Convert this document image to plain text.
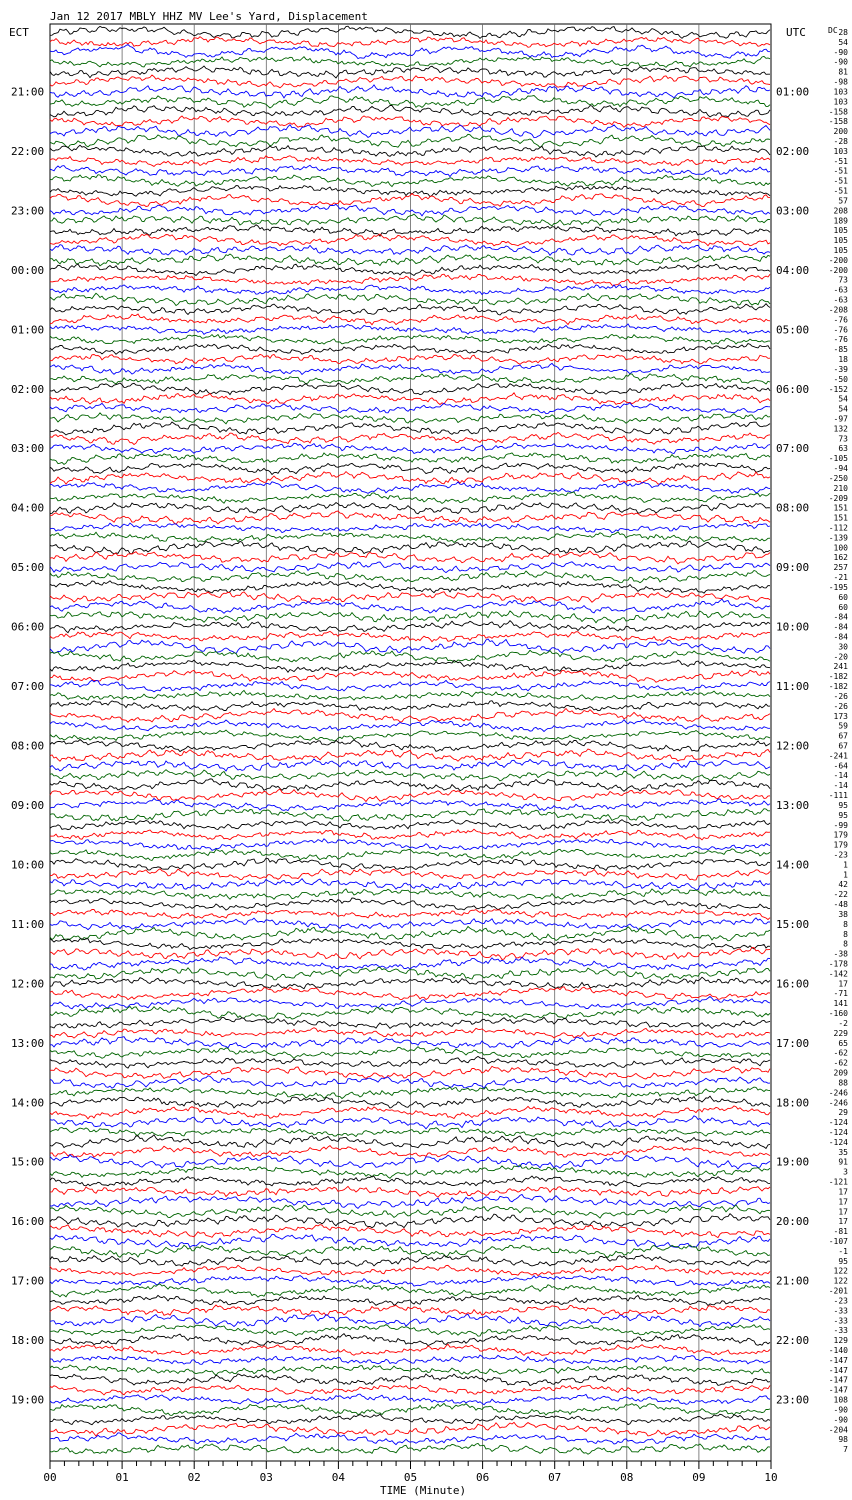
Jan 12 2017 MBLY HHZ MV Lee's Yard, Displacement
ECT	UTC	DC
21:00
22:00
23:00
00:00
01:00
02:00
03:00
04:00
05:00
06:00
07:00
08:00
09:00
10:00
11:00
12:00
13:00
14:00
15:00
16:00
17:00
18:00
19:00
01:00
02:00
03:00
04:00
05:00
06:00
07:00
08:00
09:00
10:00
11:00
12:00
13:00
14:00
15:00
16:00
17:00
18:00
19:00
20:00
21:00
22:00
23:00
28
54
-90
-90
81
-98
103
103
-158
-158
200
-28
103
-51
-51
-51
-51
57
208
189
105
105
105
-200
-200
73
-63
-63
-208
-76
-76
-76
-85
18
-39
-50
-152
54
54
-97
132
73
63
-105
-94
-250
210
-209
151
151
-112
-139
100
162
257
-21
-195
60
60
-84
-84
-84
30
-20
241
-182
-182
-26
-26
173
59
67
67
-241
-64
-14
-14
-111
95
95
-99
179
179
-23
1
1
42
-22
-48
38
8
8
8
-38
-178
-142
17
-71
141
-160
-2
229
65
-62
-62
209
88
-246
-246
29
-124
-124
-124
35
91
3
-121
17
17
17
17
-81
-107
-1
95
122
122
-201
-23
-33
-33
-33
129
-140
-147
-147
-147
-147
108
-90
-90
-204
98
7
00	01	02	03	04	05	06	07	08	09	10
TIME (Minute)
